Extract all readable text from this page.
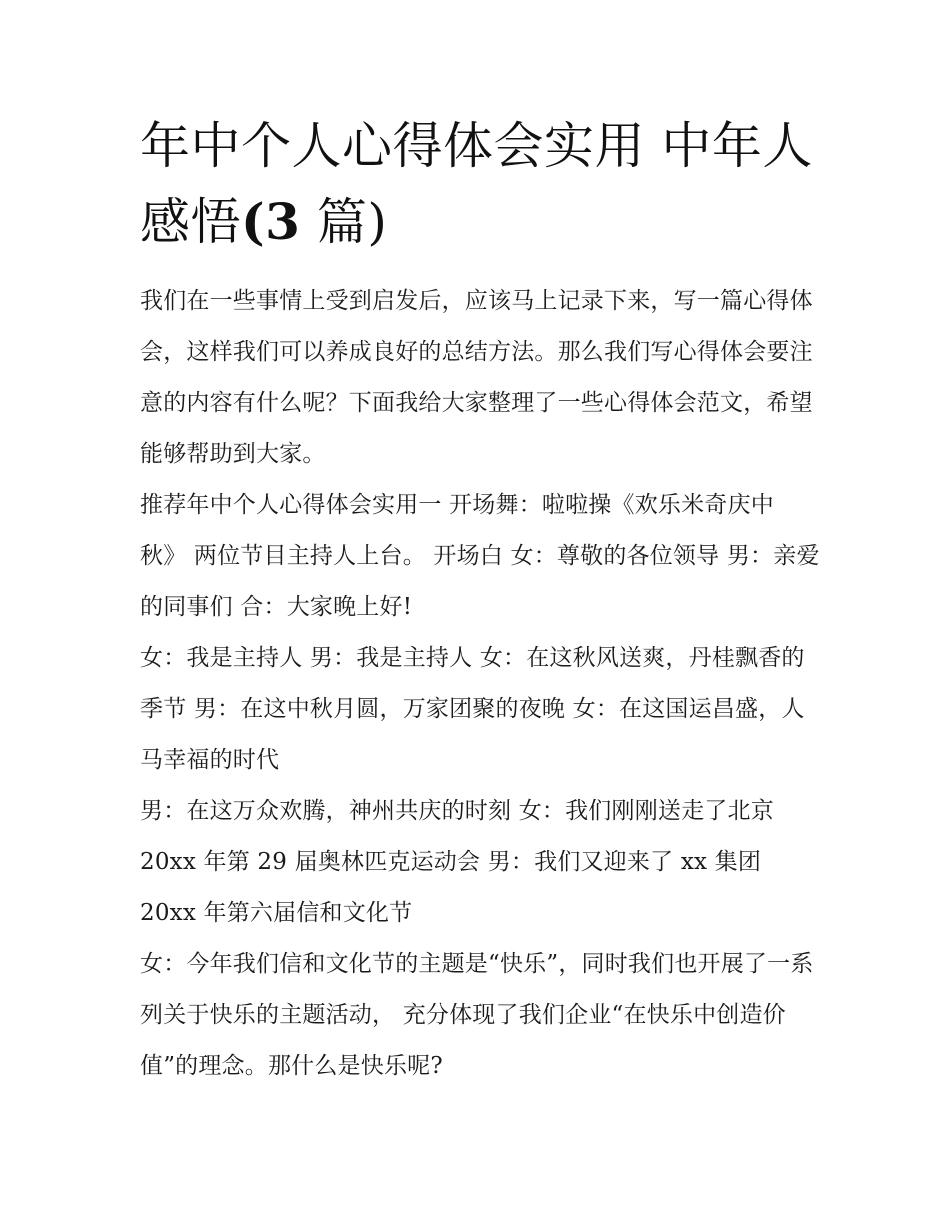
年中个人心得体会实用 中年人
感悟(3 篇)

我们在一些事情上受到启发后，应该马上记录下来，写一篇心得体会，这样我们可以养成良好的总结方法。那么我们写心得体会要注意的内容有什么呢？下面我给大家整理了一些心得体会范文，希望能够帮助到大家。

推荐年中个人心得体会实用一 开场舞：啦啦操《欢乐米奇庆中秋》 两位节目主持人上台。 开场白 女：尊敬的各位领导 男：亲爱的同事们 合：大家晚上好!

女：我是主持人 男：我是主持人 女：在这秋风送爽，丹桂飘香的季节 男：在这中秋月圆，万家团聚的夜晚 女：在这国运昌盛，人马幸福的时代

男：在这万众欢腾，神州共庆的时刻 女：我们刚刚送走了北京 20xx 年第 29 届奥林匹克运动会 男：我们又迎来了 xx 集团 20xx 年第六届信和文化节

女：今年我们信和文化节的主题是“快乐”，同时我们也开展了一系列关于快乐的主题活动， 充分体现了我们企业“在快乐中创造价值”的理念。那什么是快乐呢?
